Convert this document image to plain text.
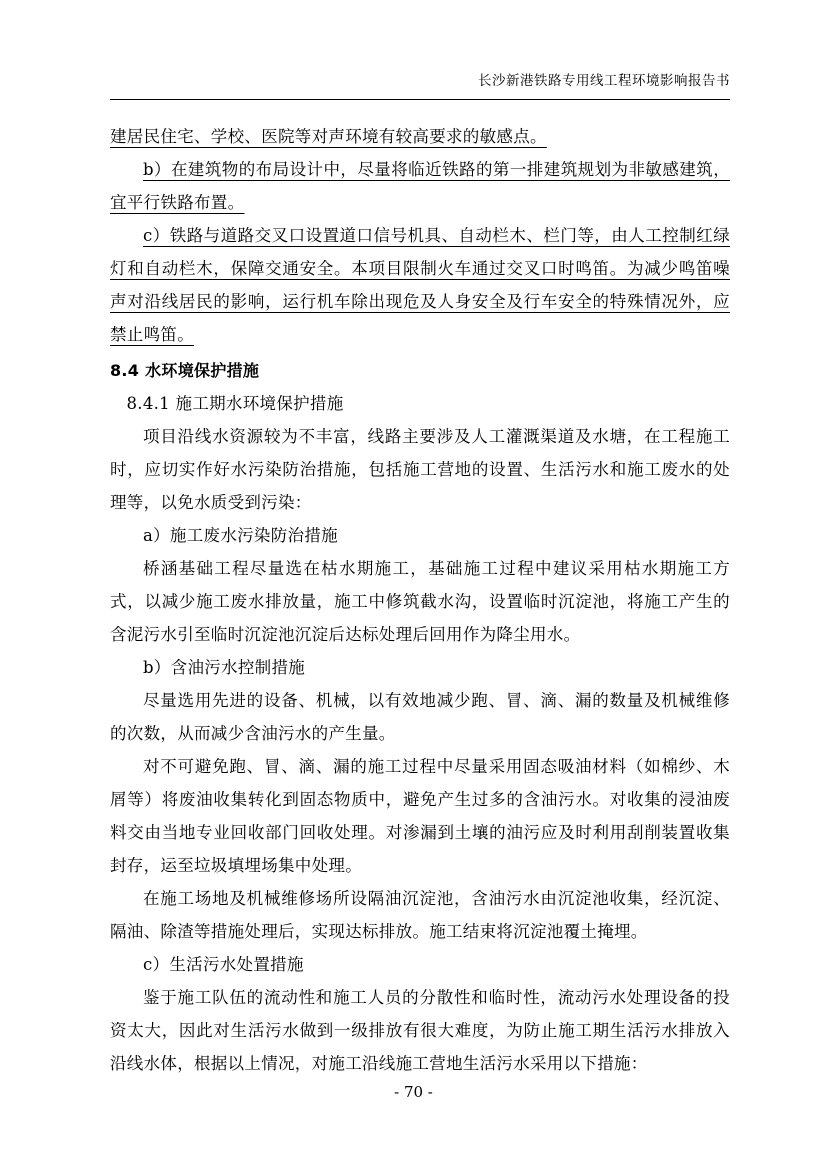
长沙新港铁路专用线工程环境影响报告书

建居民住宅、学校、医院等对声环境有较高要求的敏感点。

b）在建筑物的布局设计中，尽量将临近铁路的第一排建筑规划为非敏感建筑，宜平行铁路布置。

c）铁路与道路交叉口设置道口信号机具、自动栏木、栏门等，由人工控制红绿灯和自动栏木，保障交通安全。本项目限制火车通过交叉口时鸣笛。为减少鸣笛噪声对沿线居民的影响，运行机车除出现危及人身安全及行车安全的特殊情况外，应禁止鸣笛。

8.4 水环境保护措施

8.4.1 施工期水环境保护措施

项目沿线水资源较为不丰富，线路主要涉及人工灌溉渠道及水塘，在工程施工时，应切实作好水污染防治措施，包括施工营地的设置、生活污水和施工废水的处理等，以免水质受到污染：

a）施工废水污染防治措施

桥涵基础工程尽量选在枯水期施工，基础施工过程中建议采用枯水期施工方式，以减少施工废水排放量，施工中修筑截水沟，设置临时沉淀池，将施工产生的含泥污水引至临时沉淀池沉淀后达标处理后回用作为降尘用水。

b）含油污水控制措施

尽量选用先进的设备、机械，以有效地减少跑、冒、滴、漏的数量及机械维修的次数，从而减少含油污水的产生量。

对不可避免跑、冒、滴、漏的施工过程中尽量采用固态吸油材料（如棉纱、木屑等）将废油收集转化到固态物质中，避免产生过多的含油污水。对收集的浸油废料交由当地专业回收部门回收处理。对渗漏到土壤的油污应及时利用刮削装置收集封存，运至垃圾填埋场集中处理。

在施工场地及机械维修场所设隔油沉淀池，含油污水由沉淀池收集，经沉淀、隔油、除渣等措施处理后，实现达标排放。施工结束将沉淀池覆土掩埋。

c）生活污水处置措施

鉴于施工队伍的流动性和施工人员的分散性和临时性，流动污水处理设备的投资太大，因此对生活污水做到一级排放有很大难度，为防止施工期生活污水排放入沿线水体，根据以上情况，对施工沿线施工营地生活污水采用以下措施：

- 70 -
